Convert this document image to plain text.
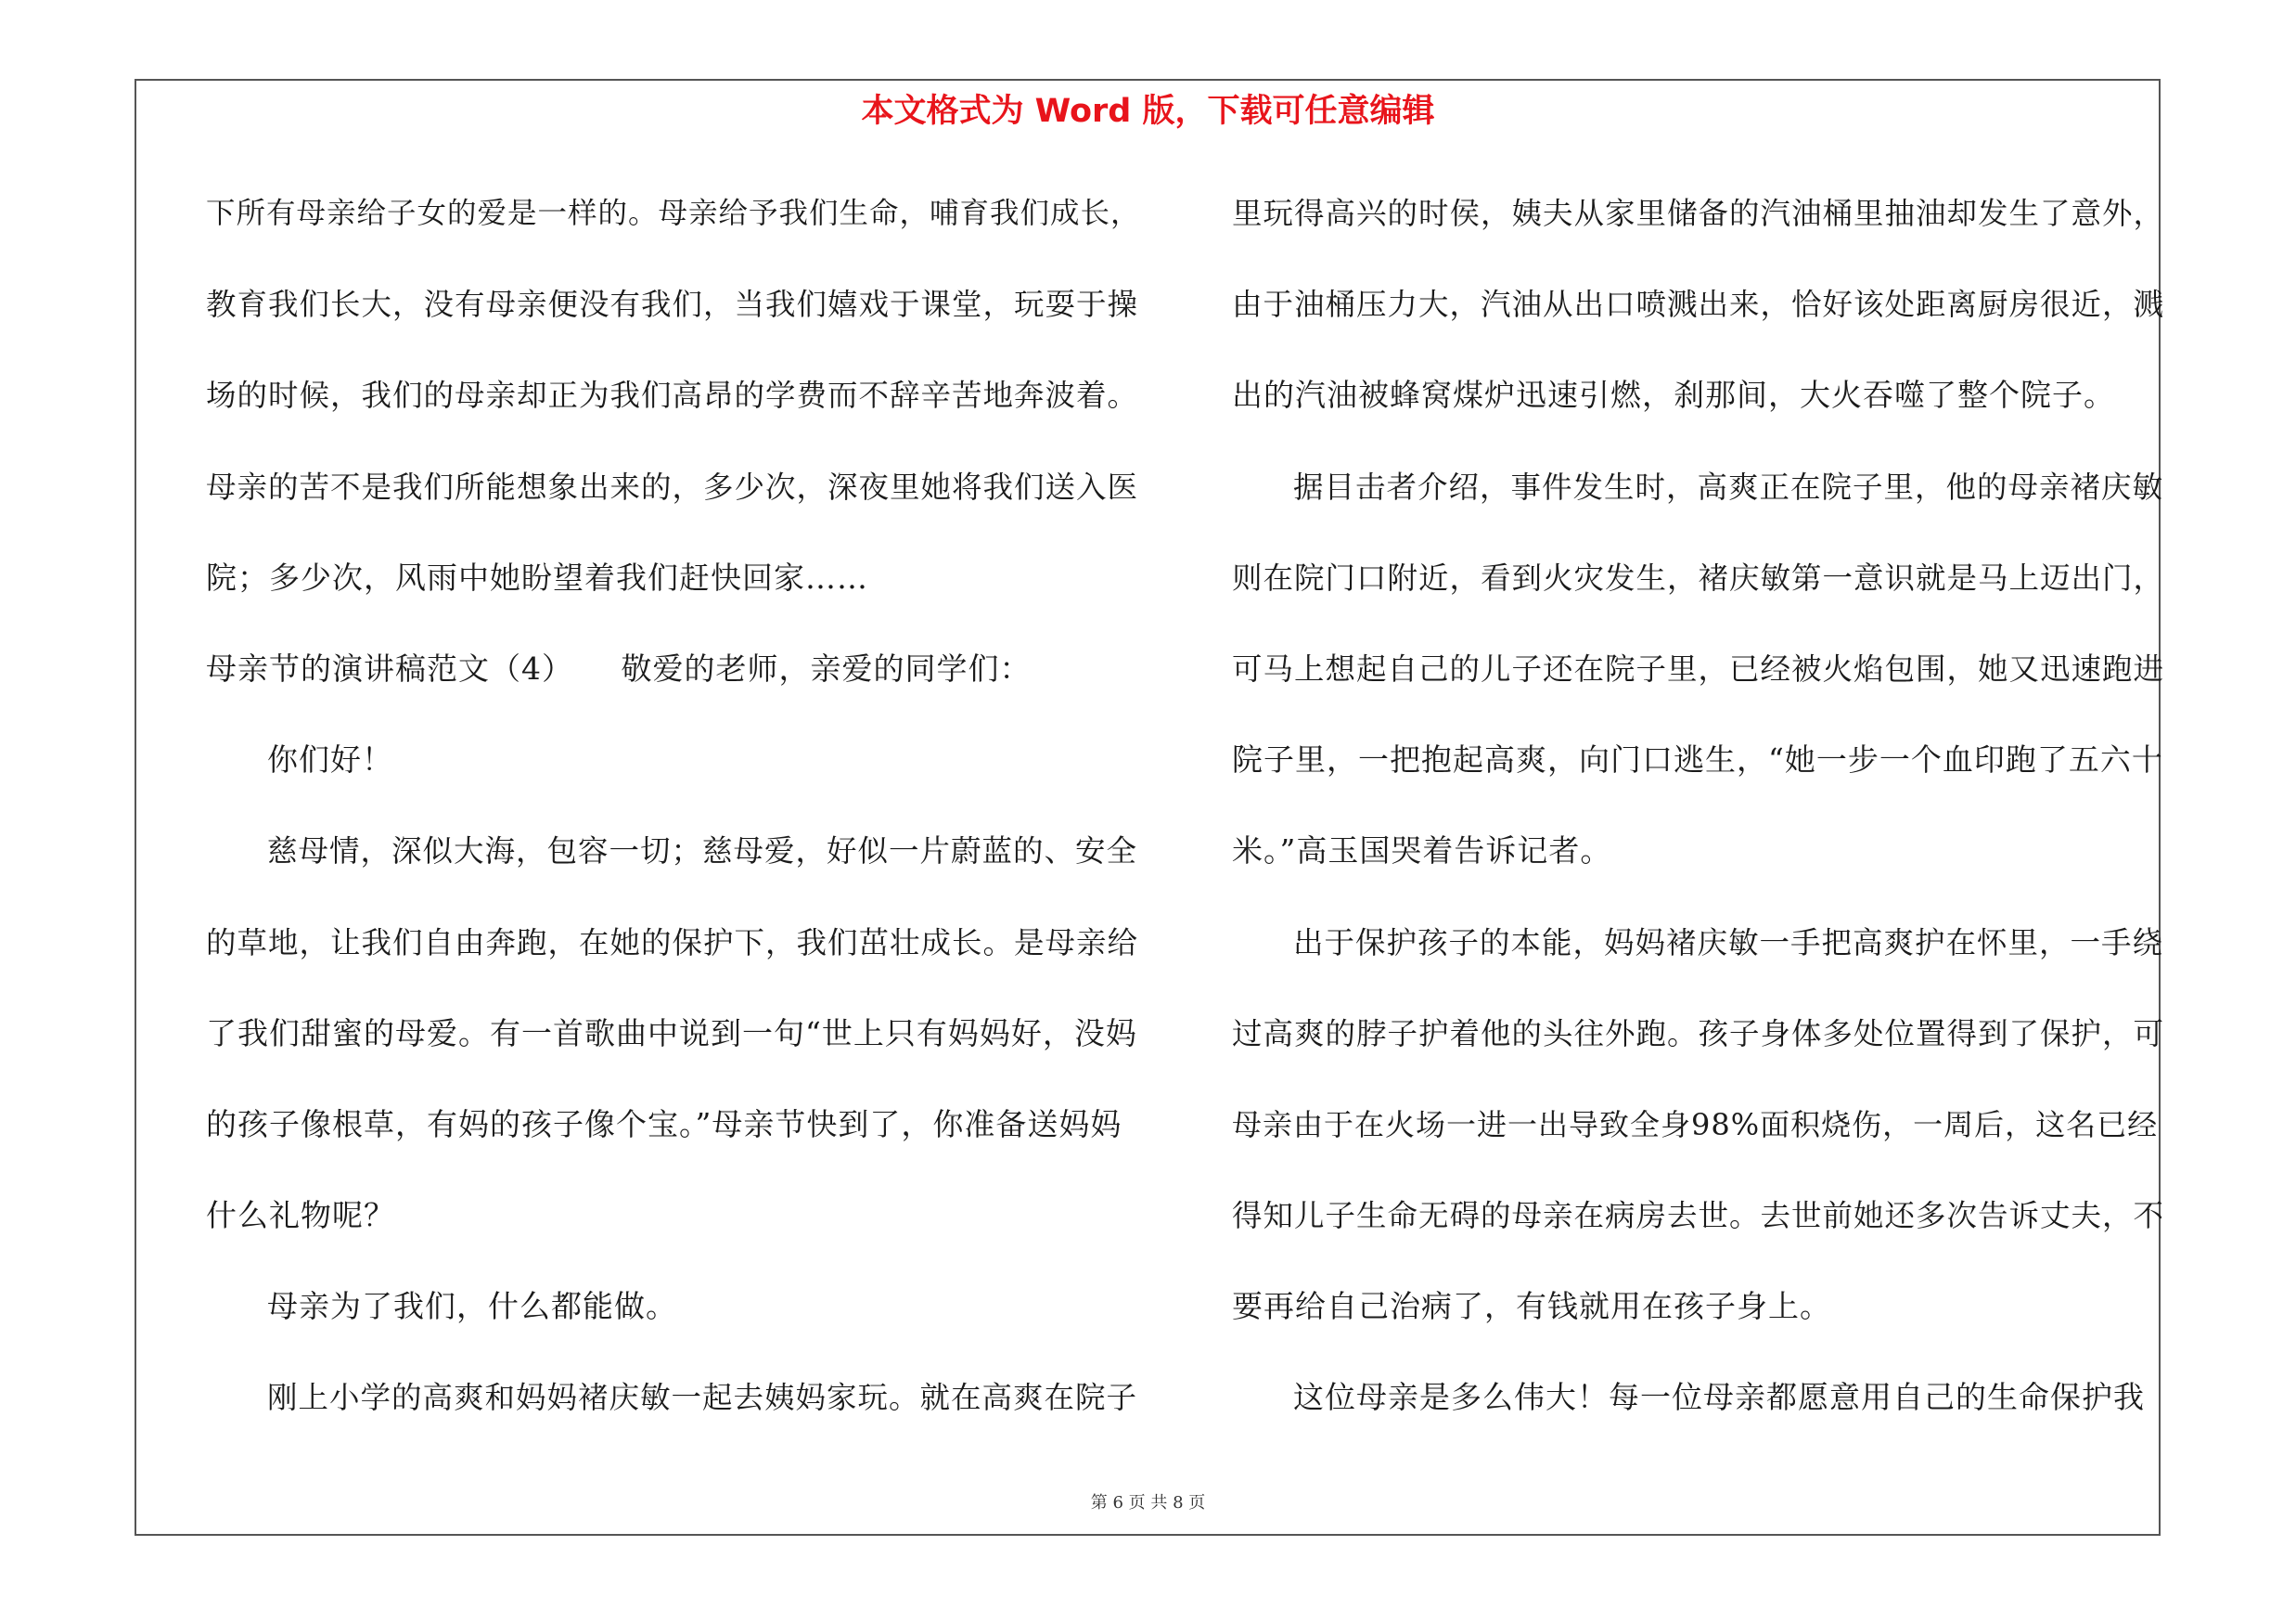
本文格式为 Word 版，下载可任意编辑
下所有母亲给子女的爱是一样的。母亲给予我们生命，哺育我们成长，
教育我们长大，没有母亲便没有我们，当我们嬉戏于课堂，玩耍于操
场的时候，我们的母亲却正为我们高昂的学费而不辞辛苦地奔波着。
母亲的苦不是我们所能想象出来的，多少次，深夜里她将我们送入医
院；多少次，风雨中她盼望着我们赶快回家……
母亲节的演讲稿范文（4）　　敬爱的老师，亲爱的同学们：
你们好！
慈母情，深似大海，包容一切；慈母爱，好似一片蔚蓝的、安全
的草地，让我们自由奔跑，在她的保护下，我们茁壮成长。是母亲给
了我们甜蜜的母爱。有一首歌曲中说到一句“世上只有妈妈好，没妈
的孩子像根草，有妈的孩子像个宝。”母亲节快到了，你准备送妈妈
什么礼物呢？
母亲为了我们，什么都能做。
刚上小学的高爽和妈妈褚庆敏一起去姨妈家玩。就在高爽在院子
里玩得高兴的时侯，姨夫从家里储备的汽油桶里抽油却发生了意外，
由于油桶压力大，汽油从出口喷溅出来，恰好该处距离厨房很近，溅
出的汽油被蜂窝煤炉迅速引燃，刹那间，大火吞噬了整个院子。
据目击者介绍，事件发生时，高爽正在院子里，他的母亲褚庆敏
则在院门口附近，看到火灾发生，褚庆敏第一意识就是马上迈出门，
可马上想起自己的儿子还在院子里，已经被火焰包围，她又迅速跑进
院子里，一把抱起高爽，向门口逃生，“她一步一个血印跑了五六十
米。”高玉国哭着告诉记者。
出于保护孩子的本能，妈妈褚庆敏一手把高爽护在怀里，一手绕
过高爽的脖子护着他的头往外跑。孩子身体多处位置得到了保护，可
母亲由于在火场一进一出导致全身98%面积烧伤，一周后，这名已经
得知儿子生命无碍的母亲在病房去世。去世前她还多次告诉丈夫，不
要再给自己治病了，有钱就用在孩子身上。
这位母亲是多么伟大！每一位母亲都愿意用自己的生命保护我
第 6 页 共 8 页
